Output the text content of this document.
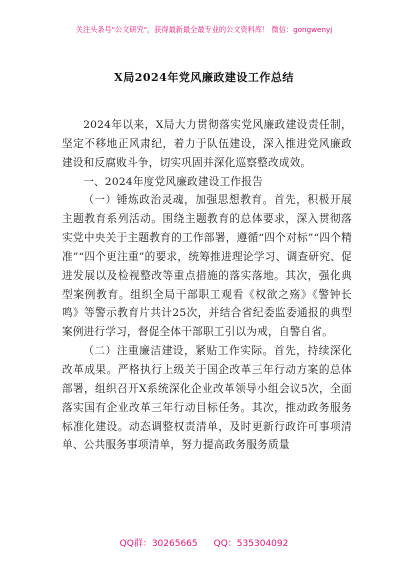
关注头条号"公文研究"，获得最新最全最专业的公文资料库！ 微信：gongwenyj
X局2024年党风廉政建设工作总结

2024年以来，X局大力贯彻落实党风廉政建设责任制，坚定不移地正风肃纪，着力于队伍建设，深入推进党风廉政建设和反腐败斗争，切实巩固并深化巡察整改成效。

一、2024年度党风廉政建设工作报告

（一）锤炼政治灵魂，加强思想教育。首先，积极开展主题教育系列活动。围绕主题教育的总体要求，深入贯彻落实党中央关于主题教育的工作部署，遵循“四个对标”“四个精准”“四个更注重”的要求，统筹推进理论学习、调查研究、促进发展以及检视整改等重点措施的落实落地。其次，强化典型案例教育。组织全局干部职工观看《权欲之殇》《警钟长鸣》等警示教育片共计25次，并结合省纪委监委通报的典型案例进行学习，督促全体干部职工引以为戒，自警自省。

（二）注重廉洁建设，紧贴工作实际。首先，持续深化改革成果。严格执行上级关于国企改革三年行动方案的总体部署，组织召开X系统深化企业改革领导小组会议5次，全面落实国有企业改革三年行动目标任务。其次，推动政务服务标准化建设。动态调整权责清单，及时更新行政许可事项清单、公共服务事项清单，努力提高政务服务质量

QQ群：30265665 QQ：535304092
